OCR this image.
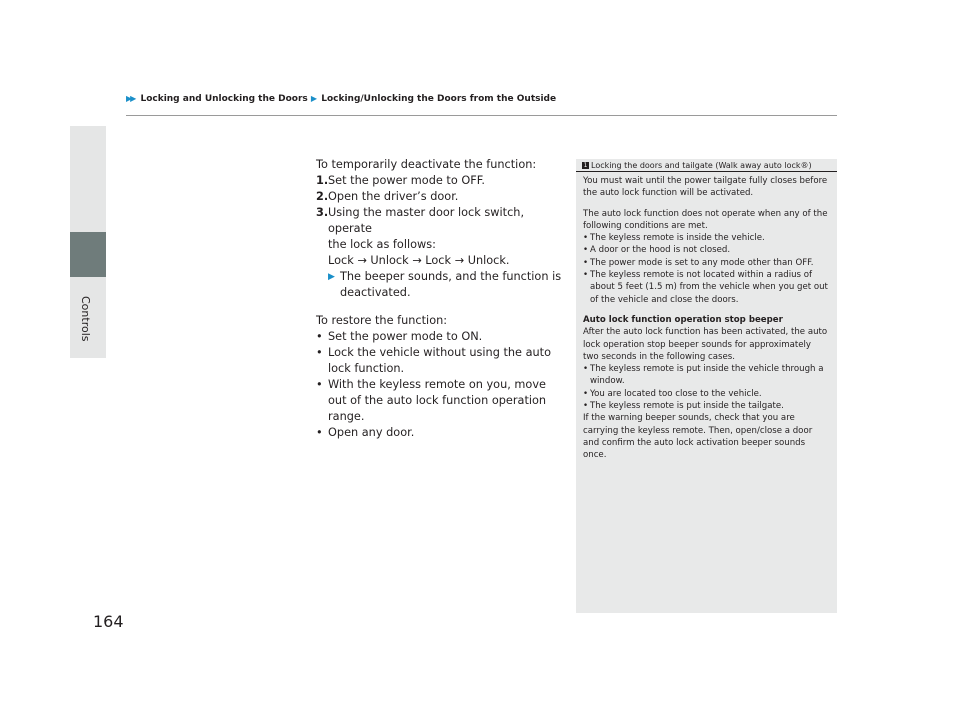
Controls
▶▶ Locking and Unlocking the Doors ▶ Locking/Unlocking the Doors from the Outside

To temporarily deactivate the function:

1. Set the power mode to OFF.
2. Open the driver’s door.
3. Using the master door lock switch, operate

the lock as follows:

Lock → Unlock → Lock → Unlock.

▶ The beeper sounds, and the function is deactivated.

To restore the function:

• Set the power mode to ON.
• Lock the vehicle without using the auto lock function.
• With the keyless remote on you, move out of the auto lock function operation range.
• Open any door.
1 Locking the doors and tailgate (Walk away auto lock®)

You must wait until the power tailgate fully closes before the auto lock function will be activated.

The auto lock function does not operate when any of the following conditions are met.

• The keyless remote is inside the vehicle.
• A door or the hood is not closed.
• The power mode is set to any mode other than OFF.
• The keyless remote is not located within a radius of about 5 feet (1.5 m) from the vehicle when you get out of the vehicle and close the doors.

Auto lock function operation stop beeper

After the auto lock function has been activated, the auto lock operation stop beeper sounds for approximately two seconds in the following cases.

• The keyless remote is put inside the vehicle through a window.
• You are located too close to the vehicle.
• The keyless remote is put inside the tailgate.

If the warning beeper sounds, check that you are carrying the keyless remote. Then, open/close a door and confirm the auto lock activation beeper sounds once.

164
